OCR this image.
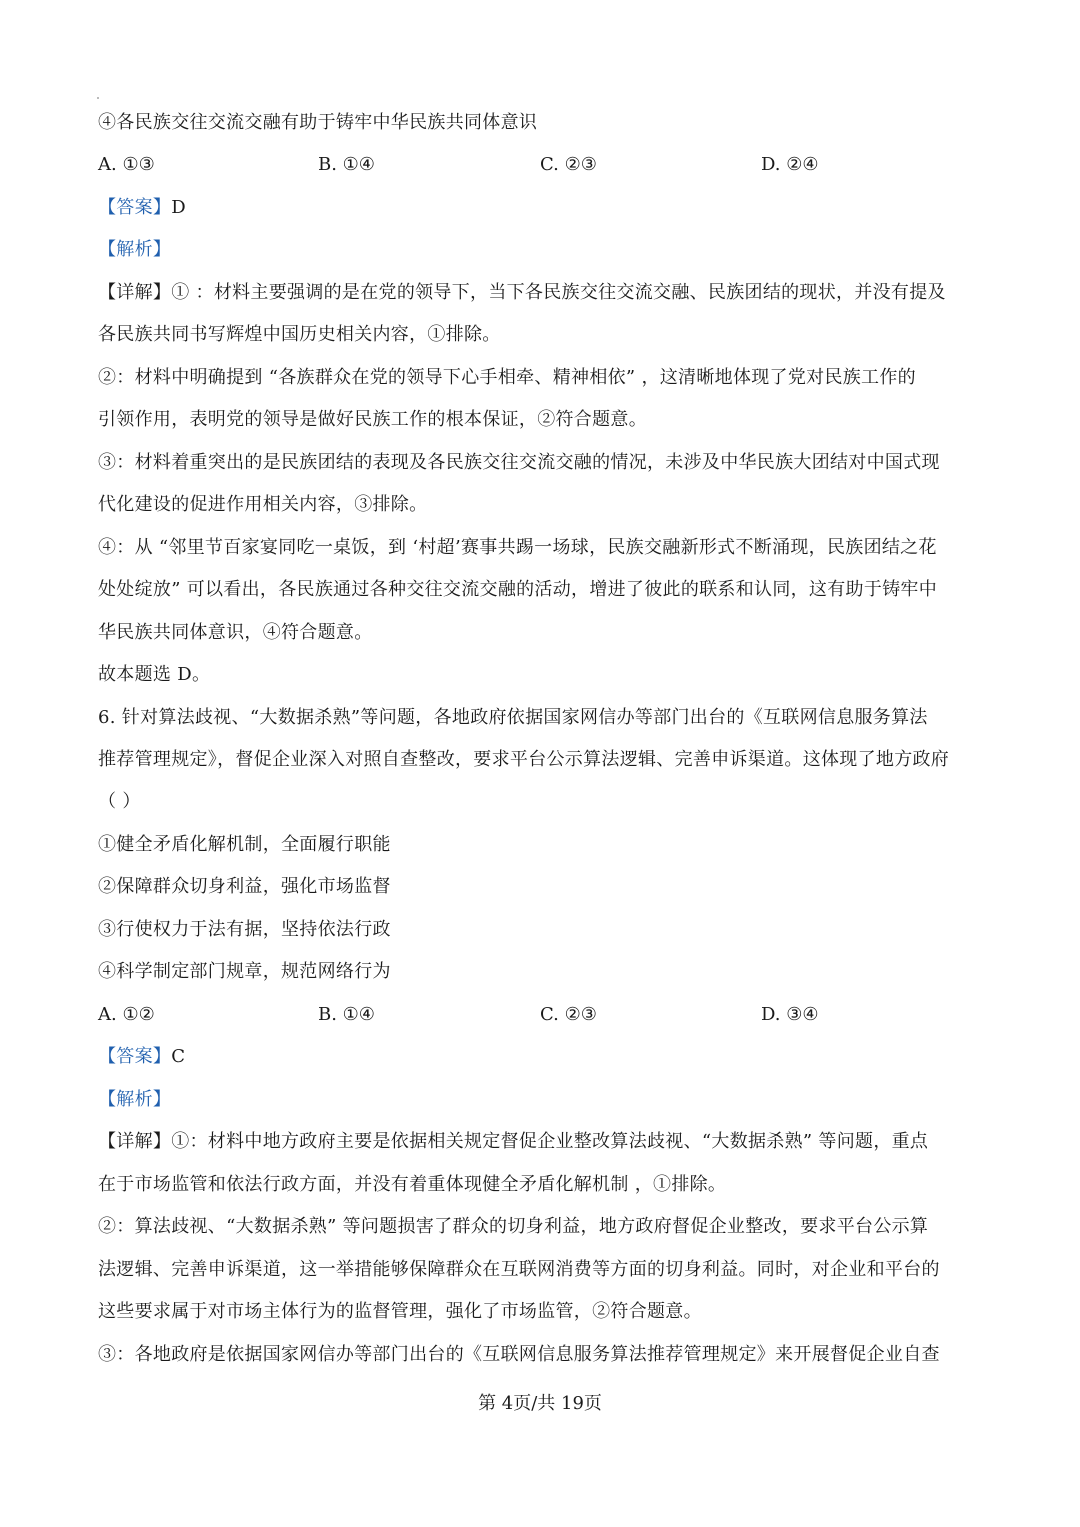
④各民族交往交流交融有助于铸牢中华民族共同体意识
A. ①③	B. ①④	C. ②③	D. ②④
【答案】D
【解析】
【详解】① ：材料主要强调的是在党的领导下，当下各民族交往交流交融、民族团结的现状，并没有提及
各民族共同书写辉煌中国历史相关内容，①排除。
②：材料中明确提到 “各族群众在党的领导下心手相牵、精神相依” ，这清晰地体现了党对民族工作的
引领作用，表明党的领导是做好民族工作的根本保证，②符合题意。
③：材料着重突出的是民族团结的表现及各民族交往交流交融的情况，未涉及中华民族大团结对中国式现
代化建设的促进作用相关内容，③排除。
④：从 “邻里节百家宴同吃一桌饭，到 ‘村超’赛事共踢一场球，民族交融新形式不断涌现，民族团结之花
处处绽放” 可以看出，各民族通过各种交往交流交融的活动，增进了彼此的联系和认同，这有助于铸牢中
华民族共同体意识，④符合题意。
故本题选 D。
6. 针对算法歧视、“大数据杀熟”等问题，各地政府依据国家网信办等部门出台的《互联网信息服务算法
推荐管理规定》，督促企业深入对照自查整改，要求平台公示算法逻辑、完善申诉渠道。这体现了地方政府
（ ）
①健全矛盾化解机制，全面履行职能
②保障群众切身利益，强化市场监督
③行使权力于法有据，坚持依法行政
④科学制定部门规章，规范网络行为
A. ①②	B. ①④	C. ②③	D. ③④
【答案】C
【解析】
【详解】①：材料中地方政府主要是依据相关规定督促企业整改算法歧视、“大数据杀熟” 等问题，重点
在于市场监管和依法行政方面，并没有着重体现健全矛盾化解机制 ，①排除。
②：算法歧视、“大数据杀熟” 等问题损害了群众的切身利益，地方政府督促企业整改，要求平台公示算
法逻辑、完善申诉渠道，这一举措能够保障群众在互联网消费等方面的切身利益。同时，对企业和平台的
这些要求属于对市场主体行为的监督管理，强化了市场监管，②符合题意。
③：各地政府是依据国家网信办等部门出台的《互联网信息服务算法推荐管理规定》来开展督促企业自查
第 4页/共 19页
